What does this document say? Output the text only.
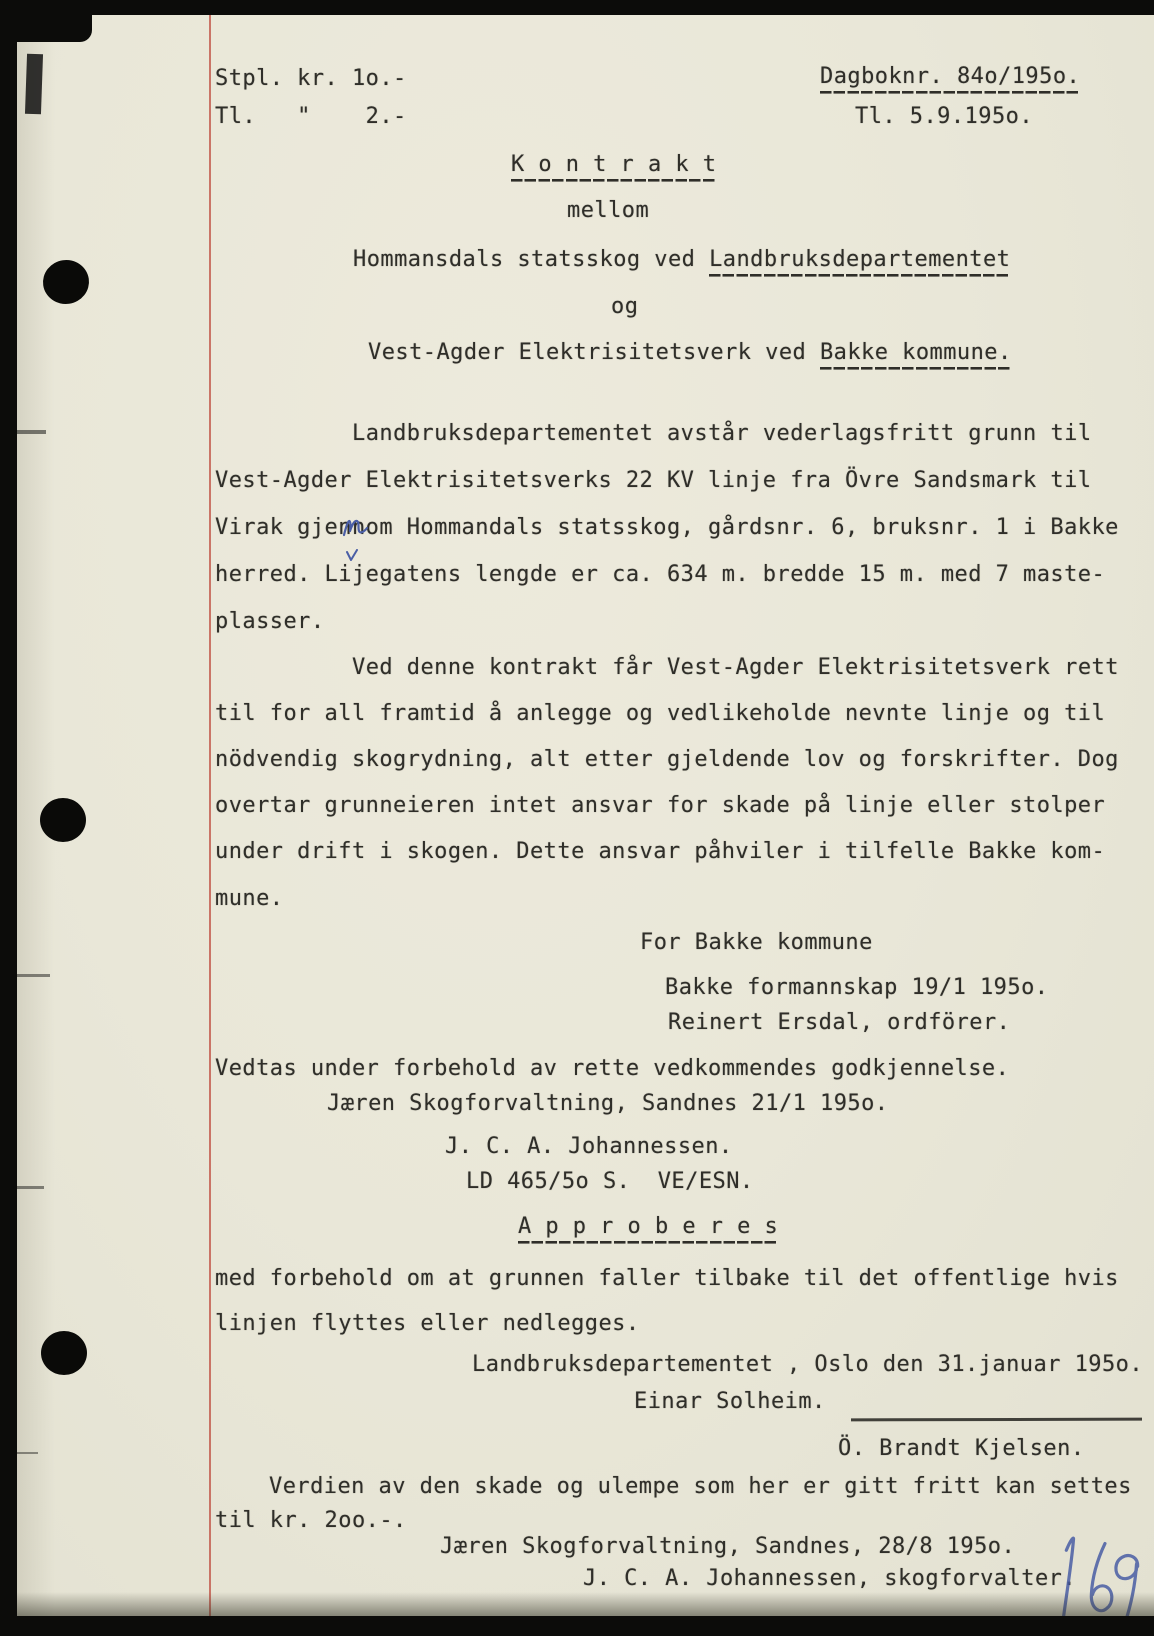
Stpl. kr. 1o.-
Tl.   "    2.-
Dagboknr. 84o/195o.
Tl. 5.9.195o.
K o n t r a k t
mellom
Hommansdals statsskog ved Landbruksdepartementet
og
Vest-Agder Elektrisitetsverk ved Bakke kommune.
Landbruksdepartementet avstår vederlagsfritt grunn til
Vest-Agder Elektrisitetsverks 22 KV linje fra Övre Sandsmark til
Virak gjennom Hommandals statsskog, gårdsnr. 6, bruksnr. 1 i Bakke
herred. Lijegatens lengde er ca. 634 m. bredde 15 m. med 7 maste-
plasser.
Ved denne kontrakt får Vest-Agder Elektrisitetsverk rett
til for all framtid å anlegge og vedlikeholde nevnte linje og til
nödvendig skogrydning, alt etter gjeldende lov og forskrifter. Dog
overtar grunneieren intet ansvar for skade på linje eller stolper
under drift i skogen. Dette ansvar påhviler i tilfelle Bakke kom-
mune.
For Bakke kommune
Bakke formannskap 19/1 195o.
Reinert Ersdal, ordförer.
Vedtas under forbehold av rette vedkommendes godkjennelse.
Jæren Skogforvaltning, Sandnes 21/1 195o.
J. C. A. Johannessen.
LD 465/5o S.  VE/ESN.
A p p r o b e r e s
med forbehold om at grunnen faller tilbake til det offentlige hvis
linjen flyttes eller nedlegges.
Landbruksdepartementet , Oslo den 31.januar 195o.
Einar Solheim.
Ö. Brandt Kjelsen.
Verdien av den skade og ulempe som her er gitt fritt kan settes
til kr. 2oo.-.
Jæren Skogforvaltning, Sandnes, 28/8 195o.
J. C. A. Johannessen, skogforvalter.
